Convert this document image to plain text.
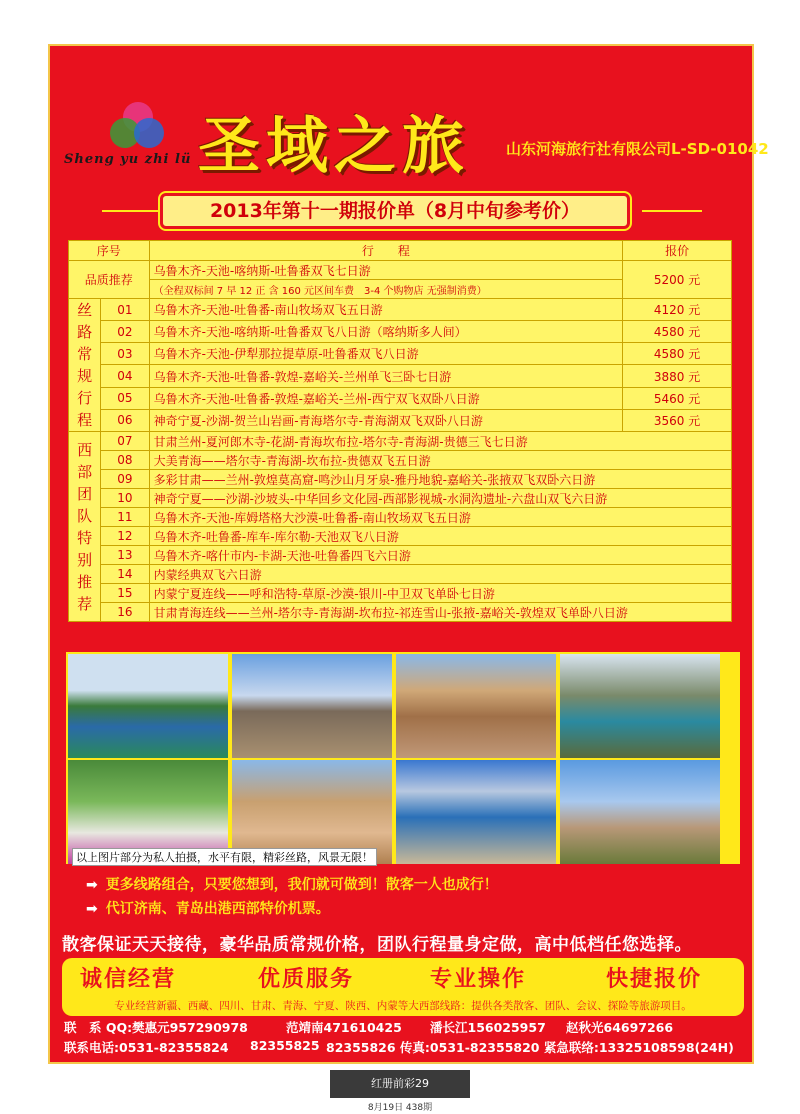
Sheng yu zhi lü 圣域之旅 山东河海旅行社有限公司L-SD-01042
2013年第十一期报价单（8月中旬参考价）
序号		行　　程	报价
品质推荐		乌鲁木齐-天池-喀纳斯-吐鲁番双飞七日游	5200 元
		（全程双标间 7 早 12 正 含 160 元区间车费　3-4 个购物店 无强制消费）	
丝路常规行程	01	乌鲁木齐-天池-吐鲁番-南山牧场双飞五日游	4120 元
	02	乌鲁木齐-天池-喀纳斯-吐鲁番双飞八日游（喀纳斯多人间）	4580 元
	03	乌鲁木齐-天池-伊犁那拉提草原-吐鲁番双飞八日游	4580 元
	04	乌鲁木齐-天池-吐鲁番-敦煌-嘉峪关-兰州单飞三卧七日游	3880 元
	05	乌鲁木齐-天池-吐鲁番-敦煌-嘉峪关-兰州-西宁双飞双卧八日游	5460 元
	06	神奇宁夏-沙湖-贺兰山岩画-青海塔尔寺-青海湖双飞双卧八日游	3560 元
西部团队特别推荐	07	甘肃兰州-夏河郎木寺-花湖-青海坎布拉-塔尔寺-青海湖-贵德三飞七日游	
	08	大美青海——塔尔寺-青海湖-坎布拉-贵德双飞五日游	
	09	多彩甘肃——兰州-敦煌莫高窟-鸣沙山月牙泉-雅丹地貌-嘉峪关-张掖双飞双卧六日游	
	10	神奇宁夏——沙湖-沙坡头-中华回乡文化园-西部影视城-水洞沟遗址-六盘山双飞六日游	
	11	乌鲁木齐-天池-库姆塔格大沙漠-吐鲁番-南山牧场双飞五日游	
	12	乌鲁木齐-吐鲁番-库车-库尔勒-天池双飞八日游	
	13	乌鲁木齐-喀什市内-卡湖-天池-吐鲁番四飞六日游	
	14	内蒙经典双飞六日游	
	15	内蒙宁夏连线——呼和浩特-草原-沙漠-银川-中卫双飞单卧七日游	
	16	甘肃青海连线——兰州-塔尔寺-青海湖-坎布拉-祁连雪山-张掖-嘉峪关-敦煌双飞单卧八日游	
以上图片部分为私人拍摄，水平有限，精彩丝路，风景无限！
➡ 更多线路组合，只要您想到，我们就可做到！散客一人也成行！
➡ 代订济南、青岛出港西部特价机票。
散客保证天天接待，豪华品质常规价格，团队行程量身定做，高中低档任您选择。
诚信经营	优质服务	专业操作	快捷报价
专业经营新疆、西藏、四川、甘肃、青海、宁夏、陕西、内蒙等大西部线路：提供各类散客、团队、会议、探险等旅游项目。
联　系 QQ:樊惠元957290978	范靖南471610425 潘长江156025957 赵秋光64697266
联系电话:0531-82355824 82355825 82355826 传真:0531-82355820 紧急联络:13325108598(24H)
红册前彩29
8月19日 438期
